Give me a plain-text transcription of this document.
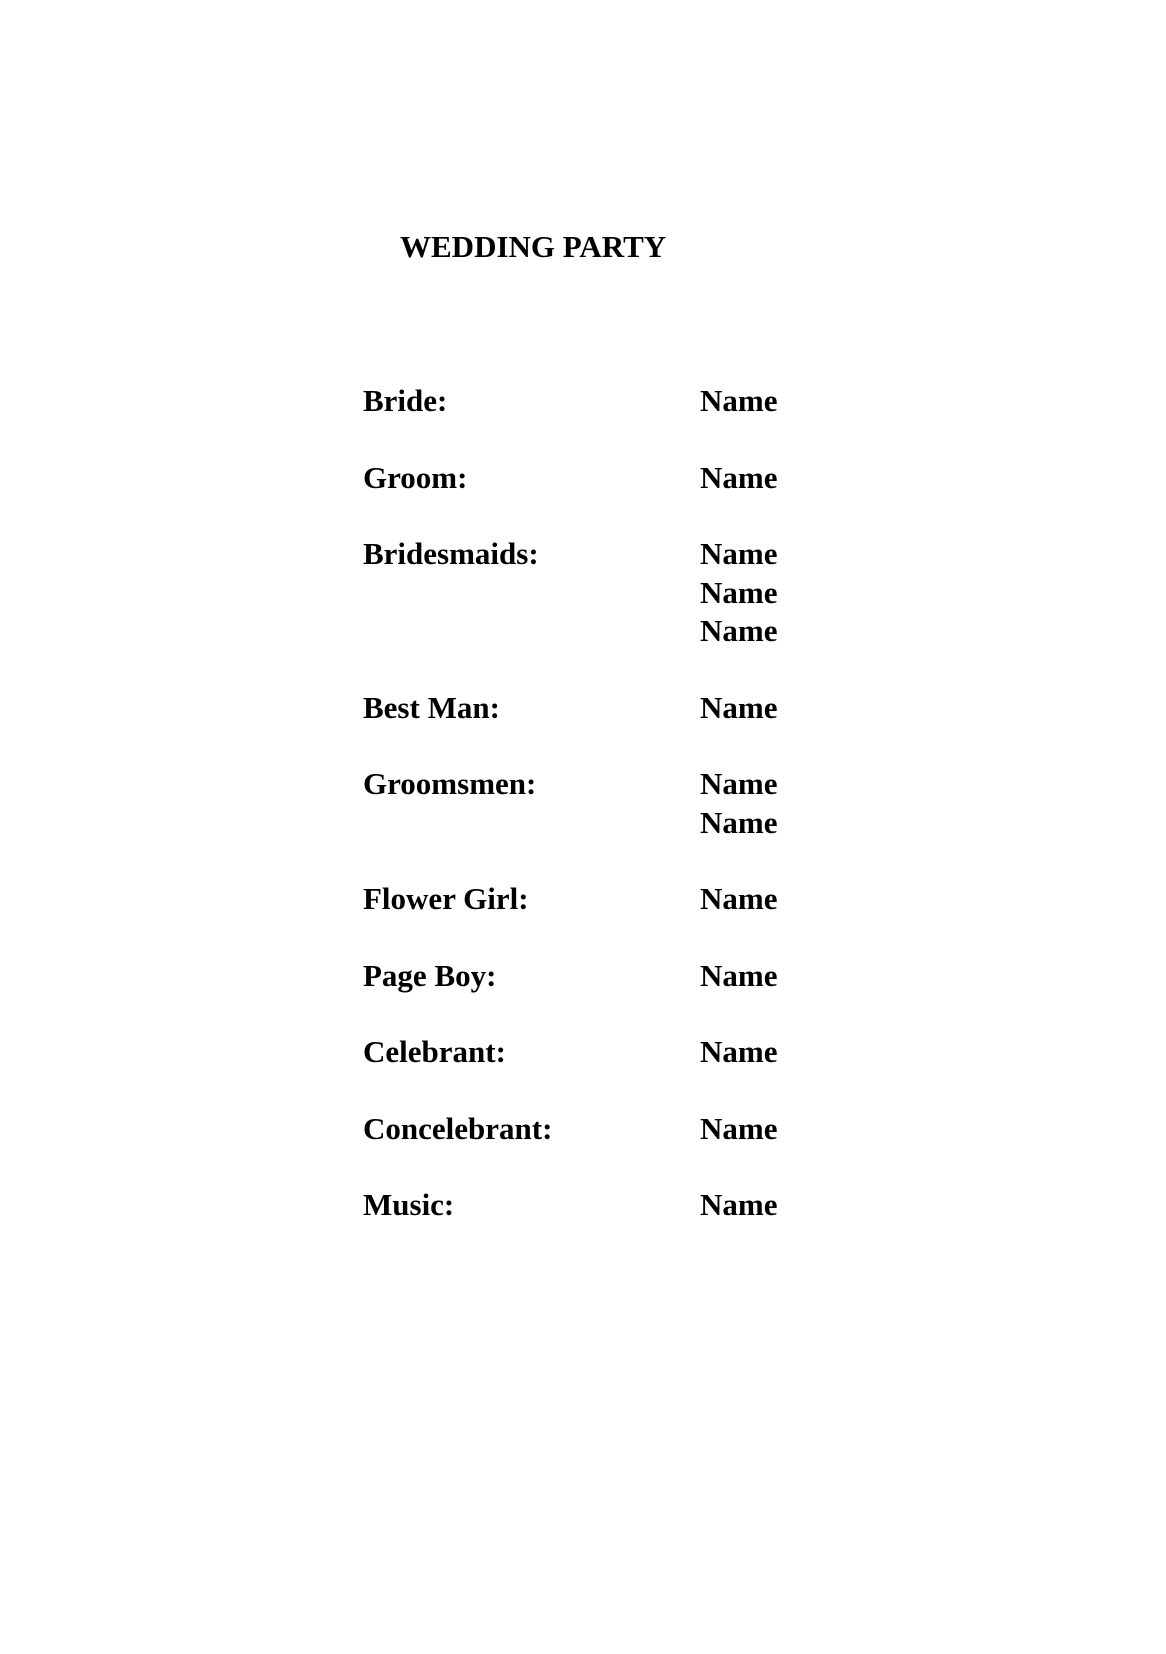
WEDDING PARTY
Bride:	Name
Groom:	Name
Bridesmaids:	Name
Name
Name
Best Man:	Name
Groomsmen:	Name
Name
Flower Girl:	Name
Page Boy:	Name
Celebrant:	Name
Concelebrant:	Name
Music:	Name
